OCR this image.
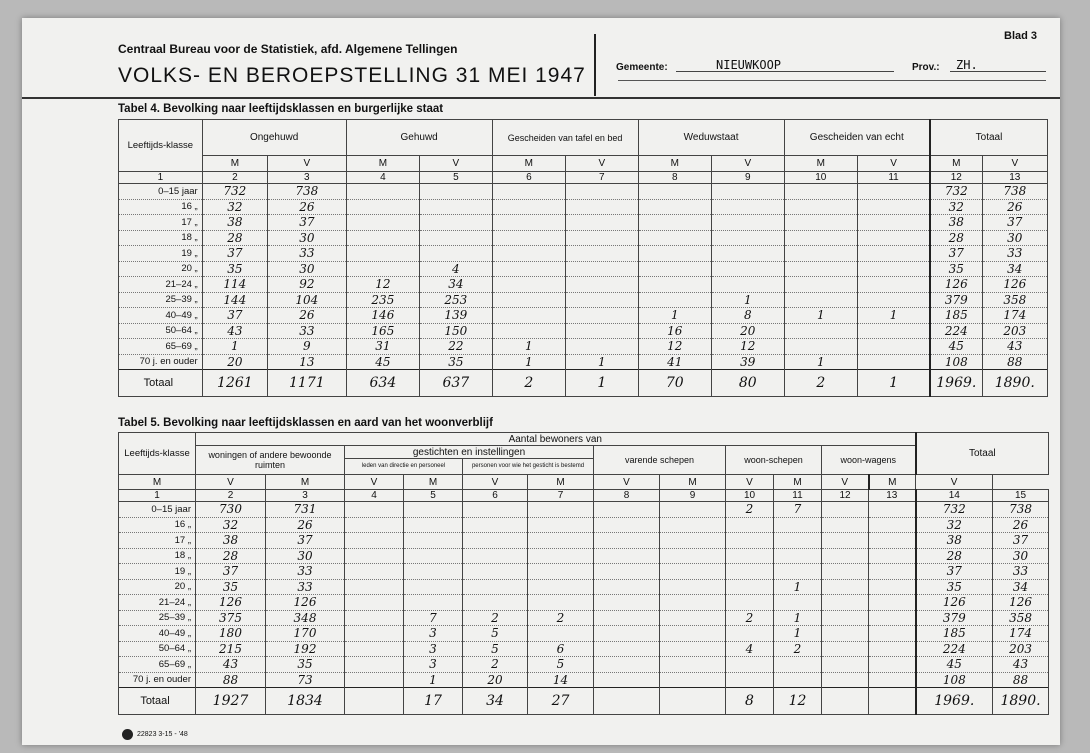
Centraal Bureau voor de Statistiek, afd. Algemene Tellingen
VOLKS- EN BEROEPSTELLING 31 MEI 1947
Blad 3
Gemeente:	NIEUWKOOP	Prov.: ZH.
Tabel 4. Bevolking naar leeftijdsklassen en burgerlijke staat
Leeftijds-klasse	Ongehuwd		Gehuwd		Gescheiden van tafel en bed		Weduwstaat		Gescheiden van echt		Totaal	
	M	V	M	V	M	V	M	V	M	V	M	V
1	2	3	4	5	6	7	8	9	10	11	12	13
0–15 jaar	732	738									732	738
16 „	32	26									32	26
17 „	38	37									38	37
18 „	28	30									28	30
19 „	37	33									37	33
20 „	35	30		4							35	34
21–24 „	114	92	12	34							126	126
25–39 „	144	104	235	253				1			379	358
40–49 „	37	26	146	139			1	8	1	1	185	174
50–64 „	43	33	165	150			16	20			224	203
65–69 „	1	9	31	22	1		12	12			45	43
70 j. en ouder	20	13	45	35	1	1	41	39	1		108	88
Totaal	1261	1171	634	637	2	1	70	80	2	1	1969.	1890.
Tabel 5. Bevolking naar leeftijdsklassen en aard van het woonverblijf
Leeftijds-klasse	Aantal bewoners van												Totaal	
	woningen of andere bewoonde ruimten		gestichten en instellingen				varende schepen		woon-schepen		woon-wagens			
			leden van directie en personeel		personen voor wie het gesticht is bestemd									
M	V	M	V	M	V	M	V	M	V	M	V	M	V	
1	2	3	4	5	6	7	8	9	10	11	12	13	14	15
0–15 jaar	730	731							2	7			732	738
16 „	32	26											32	26
17 „	38	37											38	37
18 „	28	30											28	30
19 „	37	33											37	33
20 „	35	33								1			35	34
21–24 „	126	126											126	126
25–39 „	375	348		7	2	2			2	1			379	358
40–49 „	180	170		3	5					1			185	174
50–64 „	215	192		3	5	6			4	2			224	203
65–69 „	43	35		3	2	5							45	43
70 j. en ouder	88	73		1	20	14							108	88
Totaal	1927	1834		17	34	27			8	12			1969.	1890.
22823 3-15 - '48
